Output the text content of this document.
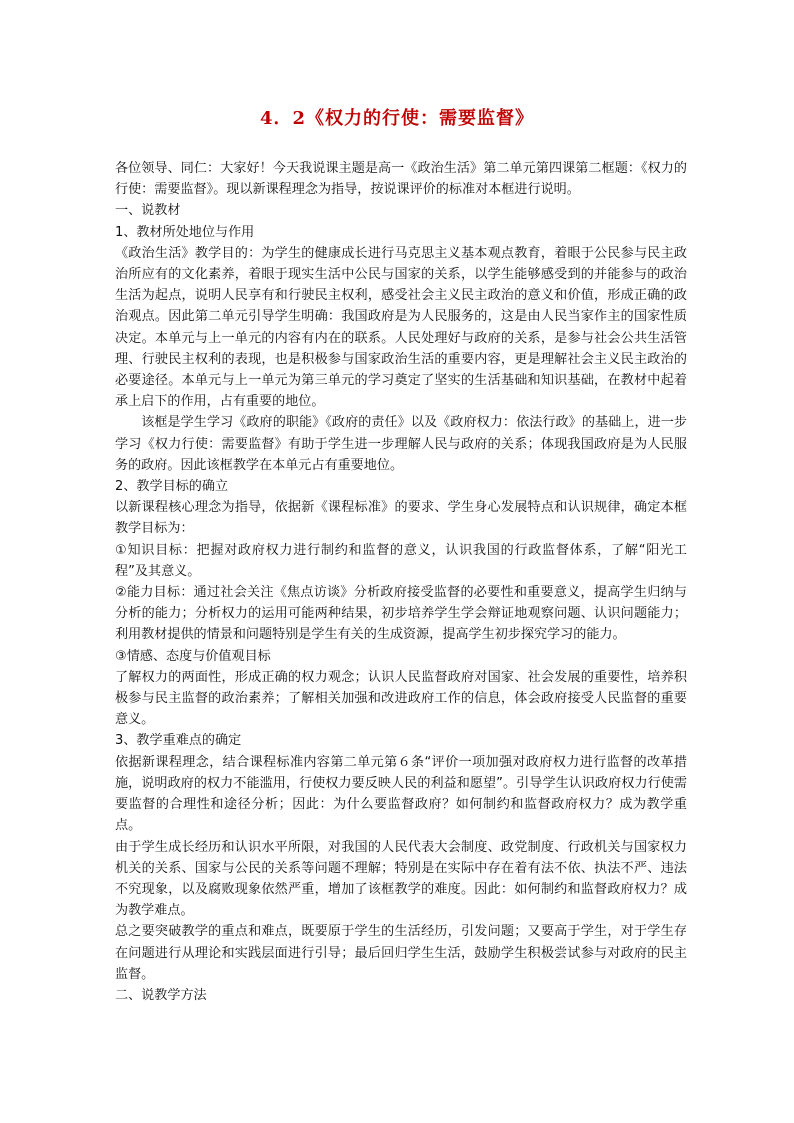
4．2《权力的行使：需要监督》

各位领导、同仁：大家好！今天我说课主题是高一《政治生活》第二单元第四课第二框题：《权力的行使：需要监督》。现以新课程理念为指导，按说课评价的标准对本框进行说明。

一、说教材

1、教材所处地位与作用

《政治生活》教学目的：为学生的健康成长进行马克思主义基本观点教育，着眼于公民参与民主政治所应有的文化素养，着眼于现实生活中公民与国家的关系，以学生能够感受到的并能参与的政治生活为起点，说明人民享有和行驶民主权利，感受社会主义民主政治的意义和价值，形成正确的政治观点。因此第二单元引导学生明确：我国政府是为人民服务的，这是由人民当家作主的国家性质决定。本单元与上一单元的内容有内在的联系。人民处理好与政府的关系，是参与社会公共生活管理、行驶民主权利的表现，也是积极参与国家政治生活的重要内容，更是理解社会主义民主政治的必要途径。本单元与上一单元为第三单元的学习奠定了坚实的生活基础和知识基础，在教材中起着承上启下的作用，占有重要的地位。

该框是学生学习《政府的职能》《政府的责任》以及《政府权力：依法行政》的基础上，进一步学习《权力行使：需要监督》有助于学生进一步理解人民与政府的关系；体现我国政府是为人民服务的政府。因此该框教学在本单元占有重要地位。

2、教学目标的确立

以新课程核心理念为指导，依据新《课程标准》的要求、学生身心发展特点和认识规律，确定本框教学目标为：

①知识目标：把握对政府权力进行制约和监督的意义，认识我国的行政监督体系，了解“阳光工程”及其意义。

②能力目标：通过社会关注《焦点访谈》分析政府接受监督的必要性和重要意义，提高学生归纳与分析的能力；分析权力的运用可能两种结果，初步培养学生学会辩证地观察问题、认识问题能力；利用教材提供的情景和问题特别是学生有关的生成资源，提高学生初步探究学习的能力。

③情感、态度与价值观目标

了解权力的两面性，形成正确的权力观念；认识人民监督政府对国家、社会发展的重要性，培养积极参与民主监督的政治素养；了解相关加强和改进政府工作的信息，体会政府接受人民监督的重要意义。

3、教学重难点的确定

依据新课程理念，结合课程标准内容第二单元第６条“评价一项加强对政府权力进行监督的改革措施，说明政府的权力不能滥用，行使权力要反映人民的利益和愿望”。引导学生认识政府权力行使需要监督的合理性和途径分析；因此：为什么要监督政府？如何制约和监督政府权力？成为教学重点。

由于学生成长经历和认识水平所限，对我国的人民代表大会制度、政党制度、行政机关与国家权力机关的关系、国家与公民的关系等问题不理解；特别是在实际中存在着有法不依、执法不严、违法不究现象，以及腐败现象依然严重，增加了该框教学的难度。因此：如何制约和监督政府权力？成为教学难点。

总之要突破教学的重点和难点，既要原于学生的生活经历，引发问题；又要高于学生，对于学生存在问题进行从理论和实践层面进行引导；最后回归学生生活，鼓励学生积极尝试参与对政府的民主监督。

二、说教学方法
